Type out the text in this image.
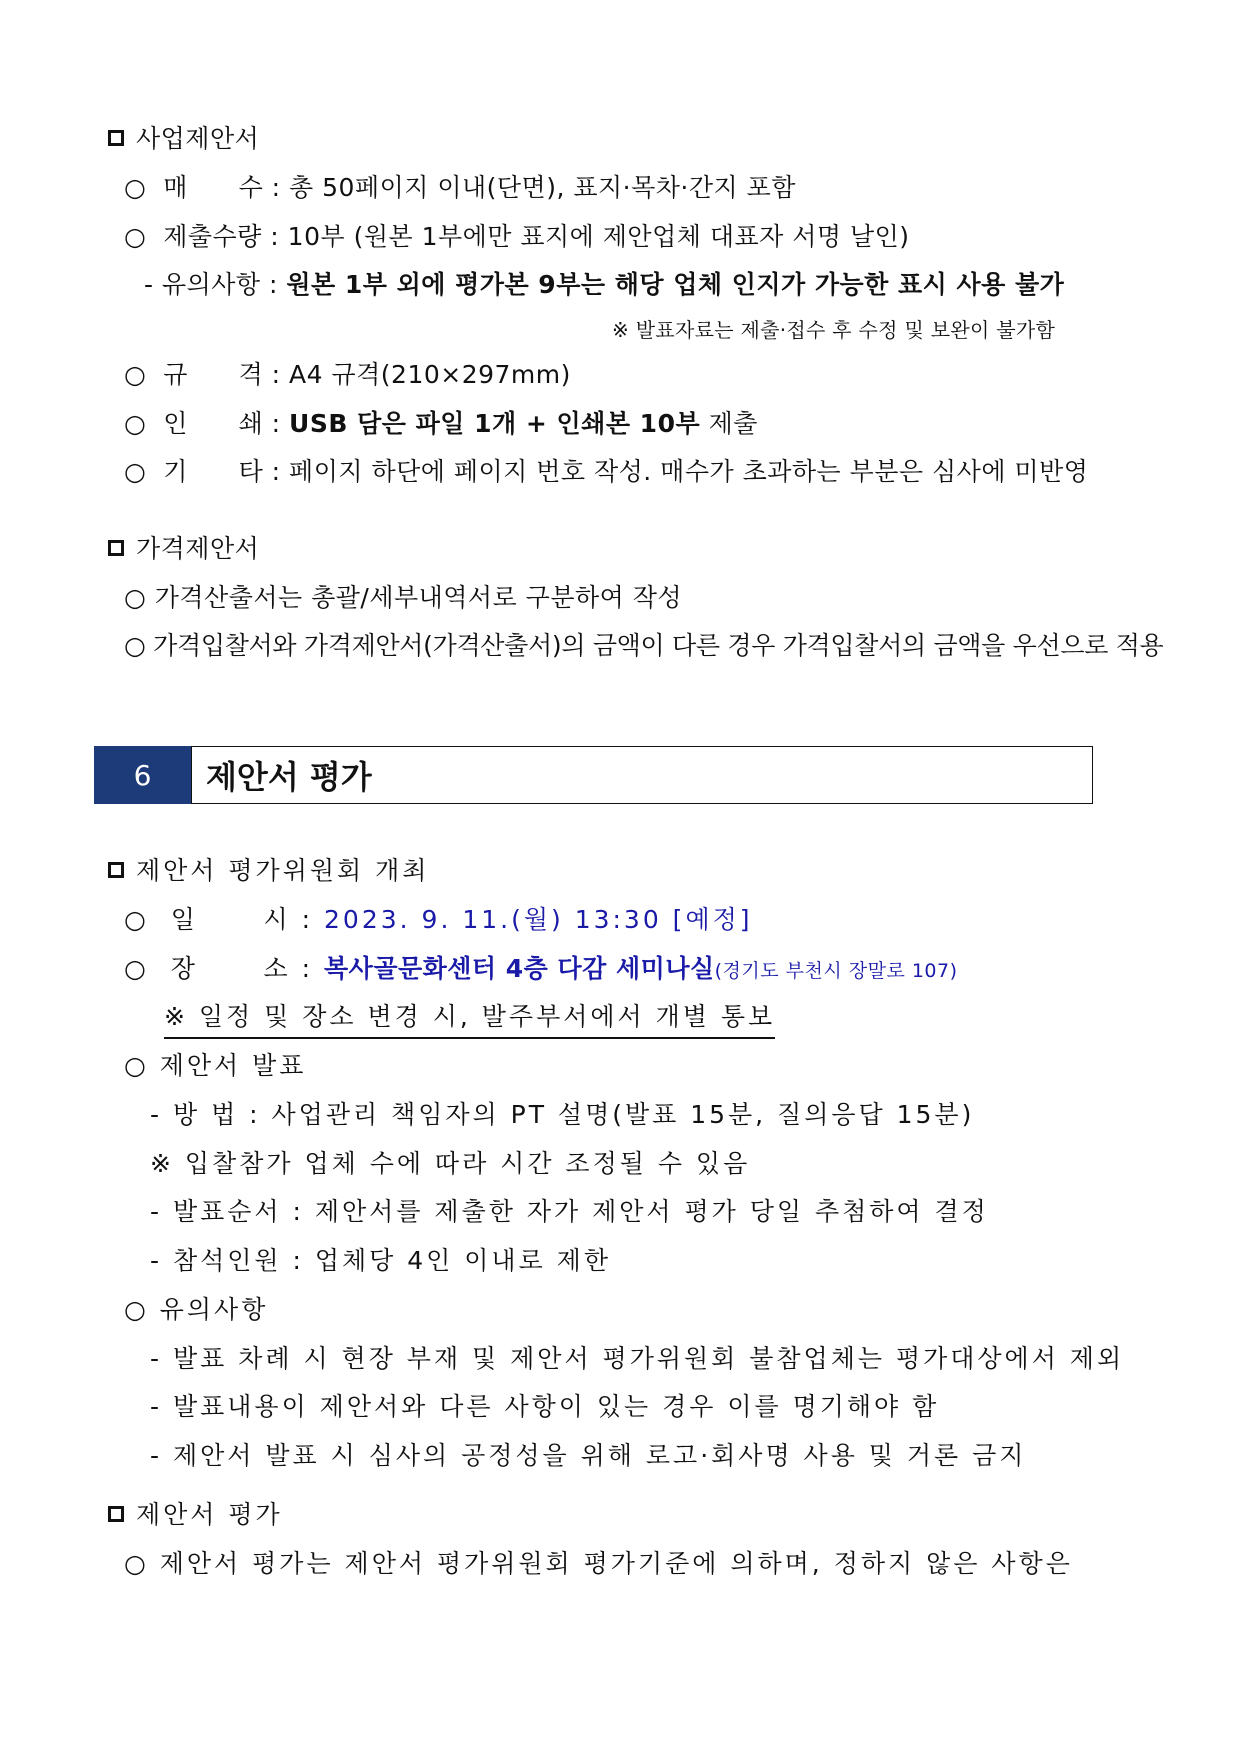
사업제안서
○ 매      수 : 총 50페이지 이내(단면), 표지·목차·간지 포함
○ 제출수량 : 10부 (원본 1부에만 표지에 제안업체 대표자 서명 날인)
- 유의사항 : 원본 1부 외에 평가본 9부는 해당 업체 인지가 가능한 표시 사용 불가
※ 발표자료는 제출·접수 후 수정 및 보완이 불가함
○ 규      격 : A4 규격(210×297mm)
○ 인      쇄 : USB 담은 파일 1개 + 인쇄본 10부 제출
○ 기      타 : 페이지 하단에 페이지 번호 작성. 매수가 초과하는 부분은 심사에 미반영
가격제안서
○ 가격산출서는 총괄/세부내역서로 구분하여 작성
○ 가격입찰서와 가격제안서(가격산출서)의 금액이 다른 경우 가격입찰서의 금액을 우선으로 적용
6	제안서 평가
제안서 평가위원회 개최
○  일      시 : 2023. 9. 11.(월) 13:30 [예정]
○  장      소 : 복사골문화센터 4층 다감 세미나실(경기도 부천시 장말로 107)
※ 일정 및 장소 변경 시, 발주부서에서 개별 통보
○ 제안서 발표
- 방 법 : 사업관리 책임자의 PT 설명(발표 15분, 질의응답 15분)
※ 입찰참가 업체 수에 따라 시간 조정될 수 있음
- 발표순서 : 제안서를 제출한 자가 제안서 평가 당일 추첨하여 결정
- 참석인원 : 업체당 4인 이내로 제한
○ 유의사항
- 발표 차례 시 현장 부재 및 제안서 평가위원회 불참업체는 평가대상에서 제외
- 발표내용이 제안서와 다른 사항이 있는 경우 이를 명기해야 함
- 제안서 발표 시 심사의 공정성을 위해 로고·회사명 사용 및 거론 금지
제안서 평가
○ 제안서 평가는 제안서 평가위원회 평가기준에 의하며, 정하지 않은 사항은
